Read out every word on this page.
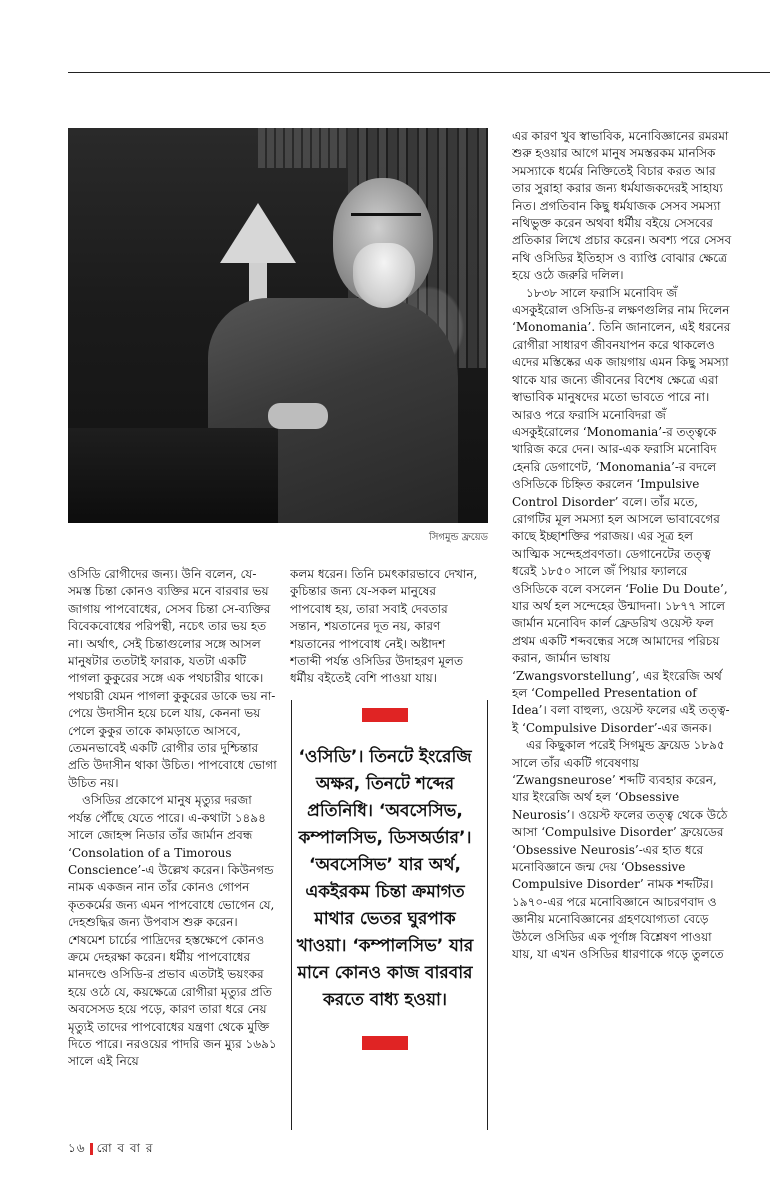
সিগমুন্ড ফ্রয়েড

ওসিডি রোগীদের জন্য। উনি বলেন, যে-সমস্ত চিন্তা কোনও ব্যক্তির মনে বারবার ভয় জাগায় পাপবোধের, সেসব চিন্তা সে-ব্যক্তির বিবেকবোধের পরিপন্থী, নচেৎ তার ভয় হত না। অর্থাৎ, সেই চিন্তাগুলোর সঙ্গে আসল মানুষটার ততটাই ফারাক, যতটা একটি পাগলা কুকুরের সঙ্গে এক পথচারীর থাকে। পথচারী যেমন পাগলা কুকুরের ডাকে ভয় না-পেয়ে উদাসীন হয়ে চলে যায়, কেননা ভয় পেলে কুকুর তাকে কামড়াতে আসবে, তেমনভাবেই একটি রোগীর তার দুশ্চিন্তার প্রতি উদাসীন থাকা উচিত। পাপবোধে ভোগা উচিত নয়।

ওসিডির প্রকোপে মানুষ মৃত্যুর দরজা পর্যন্ত পৌঁছে যেতে পারে। এ-কথাটা ১৪৯৪ সালে জোহন্স নিডার তাঁর জার্মান প্রবন্ধ ‘Consolation of a Timorous Conscience’-এ উল্লেখ করেন। কিউনগন্ড নামক একজন নান তাঁর কোনও গোপন কৃতকর্মের জন্য এমন পাপবোধে ভোগেন যে, দেহশুদ্ধির জন্য উপবাস শুরু করেন। শেষমেশ চার্চের পাদ্রিদের হস্তক্ষেপে কোনও ক্রমে দেহরক্ষা করেন। ধর্মীয় পাপবোধের মানদণ্ডে ওসিডি-র প্রভাব এতটাই ভয়ংকর হয়ে ওঠে যে, কয়ক্ষেত্রে রোগীরা মৃত্যুর প্রতি অবসেসড হয়ে পড়ে, কারণ তারা ধরে নেয় মৃত্যুই তাদের পাপবোধের যন্ত্রণা থেকে মুক্তি দিতে পারে। নরওয়ের পাদরি জন ম্যুর ১৬৯১ সালে এই নিয়ে

কলম ধরেন। তিনি চমৎকারভাবে দেখান, কুচিন্তার জন্য যে-সকল মানুষের পাপবোধ হয়, তারা সবাই দেবতার সন্তান, শয়তানের দূত নয়, কারণ শয়তানের পাপবোধ নেই। অষ্টাদশ শতাব্দী পর্যন্ত ওসিডির উদাহরণ মূলত ধর্মীয় বইতেই বেশি পাওয়া যায়।

‘ওসিডি’। তিনটে ইংরেজি অক্ষর, তিনটে শব্দের প্রতিনিধি। ‘অবসেসিভ, কম্পালসিভ, ডিসঅর্ডার’। ‘অবসেসিভ’ যার অর্থ, একইরকম চিন্তা ক্রমাগত মাথার ভেতর ঘুরপাক খাওয়া। ‘কম্পালসিভ’ যার মানে কোনও কাজ বারবার করতে বাধ্য হওয়া।

এর কারণ খুব স্বাভাবিক, মনোবিজ্ঞানের রমরমা শুরু হওয়ার আগে মানুষ সমস্তরকম মানসিক সমস্যাকে ধর্মের নিক্তিতেই বিচার করত আর তার সুরাহা করার জন্য ধর্মযাজকদেরই সাহায্য নিত। প্রগতিবান কিছু ধর্মযাজক সেসব সমস্যা নথিভুক্ত করেন অথবা ধর্মীয় বইয়ে সেসবের প্রতিকার লিখে প্রচার করেন। অবশ্য পরে সেসব নথি ওসিডির ইতিহাস ও ব্যাপ্তি বোঝার ক্ষেত্রে হয়ে ওঠে জরুরি দলিল।

১৮৩৮ সালে ফরাসি মনোবিদ জঁ এসকুইরোল ওসিডি-র লক্ষণগুলির নাম দিলেন ‘Monomania’. তিনি জানালেন, এই ধরনের রোগীরা সাধারণ জীবনযাপন করে থাকলেও এদের মস্তিষ্কের এক জায়গায় এমন কিছু সমস্যা থাকে যার জন্যে জীবনের বিশেষ ক্ষেত্রে এরা স্বাভাবিক মানুষদের মতো ভাবতে পারে না। আরও পরে ফরাসি মনোবিদরা জঁ এসকুইরোলের ‘Monomania’-র তত্ত্বকে খারিজ করে দেন। আর-এক ফরাসি মনোবিদ হেনরি ডেগাণেট, ‘Monomania’-র বদলে ওসিডিকে চিহ্নিত করলেন ‘Impulsive Control Disorder’ বলে। তাঁর মতে, রোগটির মূল সমস্যা হল আসলে ভাবাবেগের কাছে ইচ্ছাশক্তির পরাজয়। এর সূত্র হল আত্মিক সন্দেহপ্রবণতা। ডেগানেটের তত্ত্ব ধরেই ১৮৫০ সালে জঁ পিয়ার ফ্যালরে ওসিডিকে বলে বসলেন ‘Folie Du Doute’, যার অর্থ হল সন্দেহের উন্মাদনা। ১৮৭৭ সালে জার্মান মনোবিদ কার্ল ফ্রেডরিখ ওয়েস্ট ফল প্রথম একটি শব্দবন্ধের সঙ্গে আমাদের পরিচয় করান, জার্মান ভাষায় ‘Zwangsvorstellung’, এর ইংরেজি অর্থ হল ‘Compelled Presentation of Idea’। বলা বাহুল্য, ওয়েস্ট ফলের এই তত্ত্ব-ই ‘Compulsive Disorder’-এর জনক।

এর কিছুকাল পরেই সিগমুন্ড ফ্রয়েড ১৮৯৫ সালে তাঁর একটি গবেষণায় ‘Zwangsneurose’ শব্দটি ব্যবহার করেন, যার ইংরেজি অর্থ হল ‘Obsessive Neurosis’। ওয়েস্ট ফলের তত্ত্ব থেকে উঠে আসা ‘Compulsive Disorder’ ফ্রয়েডের ‘Obsessive Neurosis’-এর হাত ধরে মনোবিজ্ঞানে জন্ম দেয় ‘Obsessive Compulsive Disorder’ নামক শব্দটির। ১৯৭০-এর পরে মনোবিজ্ঞানে আচরণবাদ ও জ্ঞানীয় মনোবিজ্ঞানের গ্রহণযোগ্যতা বেড়ে উঠলে ওসিডির এক পূর্ণাঙ্গ বিশ্লেষণ পাওয়া যায়, যা এখন ওসিডির ধারণাকে গড়ে তুলতে

১৬ রো ব বা র
